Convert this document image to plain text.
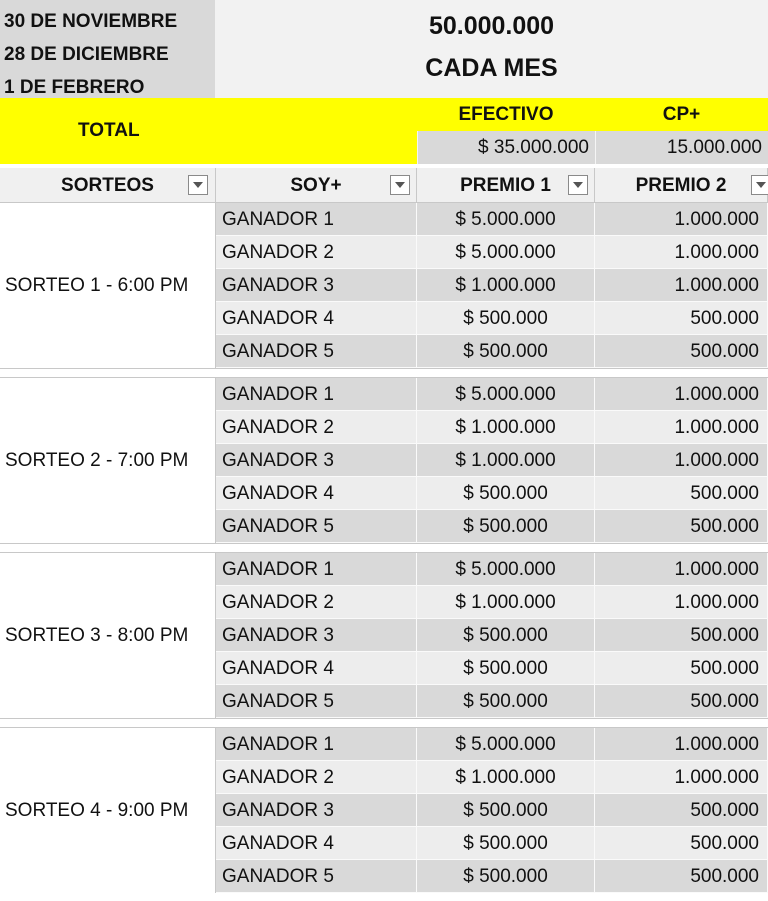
30 DE NOVIEMBRE
28 DE DICIEMBRE
1 DE FEBRERO
50.000.000
CADA MES
TOTAL
EFECTIVO	CP+
$ 35.000.000	15.000.000
SORTEOS	SOY+	PREMIO 1	PREMIO 2
SORTEO 1 - 6:00 PM
GANADOR 1	$ 5.000.000	1.000.000
GANADOR 2	$ 5.000.000	1.000.000
GANADOR 3	$ 1.000.000	1.000.000
GANADOR 4	$ 500.000	500.000
GANADOR 5	$ 500.000	500.000
SORTEO 2 - 7:00 PM
GANADOR 1	$ 5.000.000	1.000.000
GANADOR 2	$ 1.000.000	1.000.000
GANADOR 3	$ 1.000.000	1.000.000
GANADOR 4	$ 500.000	500.000
GANADOR 5	$ 500.000	500.000
SORTEO 3 - 8:00 PM
GANADOR 1	$ 5.000.000	1.000.000
GANADOR 2	$ 1.000.000	1.000.000
GANADOR 3	$ 500.000	500.000
GANADOR 4	$ 500.000	500.000
GANADOR 5	$ 500.000	500.000
SORTEO 4 - 9:00 PM
GANADOR 1	$ 5.000.000	1.000.000
GANADOR 2	$ 1.000.000	1.000.000
GANADOR 3	$ 500.000	500.000
GANADOR 4	$ 500.000	500.000
GANADOR 5	$ 500.000	500.000
